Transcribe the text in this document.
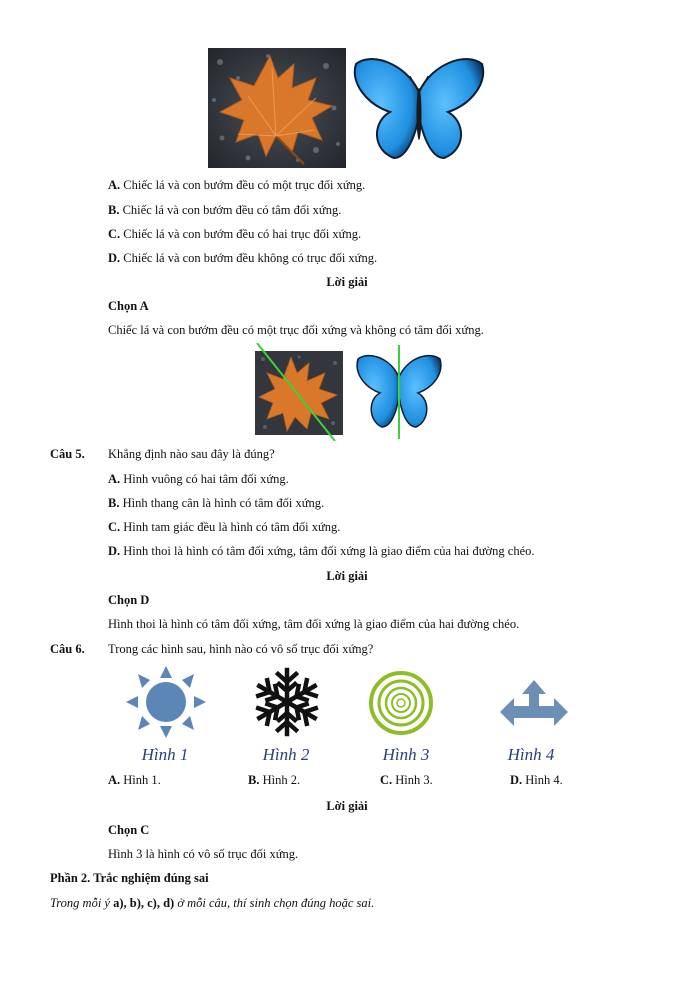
A. Chiếc lá và con bướm đều có một trục đối xứng.
B. Chiếc lá và con bướm đều có tâm đối xứng.
C. Chiếc lá và con bướm đều có hai trục đối xứng.
D. Chiếc lá và con bướm đều không có trục đối xứng.
Lời giải
Chọn A
Chiếc lá và con bướm đều có một trục đối xứng và không có tâm đối xứng.
Câu 5. Khẳng định nào sau đây là đúng?
A. Hình vuông có hai tâm đối xứng.
B. Hình thang cân là hình có tâm đối xứng.
C. Hình tam giác đều là hình có tâm đối xứng.
D. Hình thoi là hình có tâm đối xứng, tâm đối xứng là giao điểm của hai đường chéo.
Lời giải
Chọn D
Hình thoi là hình có tâm đối xứng, tâm đối xứng là giao điểm của hai đường chéo.
Câu 6. Trong các hình sau, hình nào có vô số trục đối xứng?
Hình 1	Hình 2	Hình 3	Hình 4
A. Hình 1.	B. Hình 2.	C. Hình 3.	D. Hình 4.
Lời giải
Chọn C
Hình 3 là hình có vô số trục đối xứng.
Phần 2. Trắc nghiệm đúng sai
Trong mỗi ý a), b), c), d) ở mỗi câu, thí sinh chọn đúng hoặc sai.
